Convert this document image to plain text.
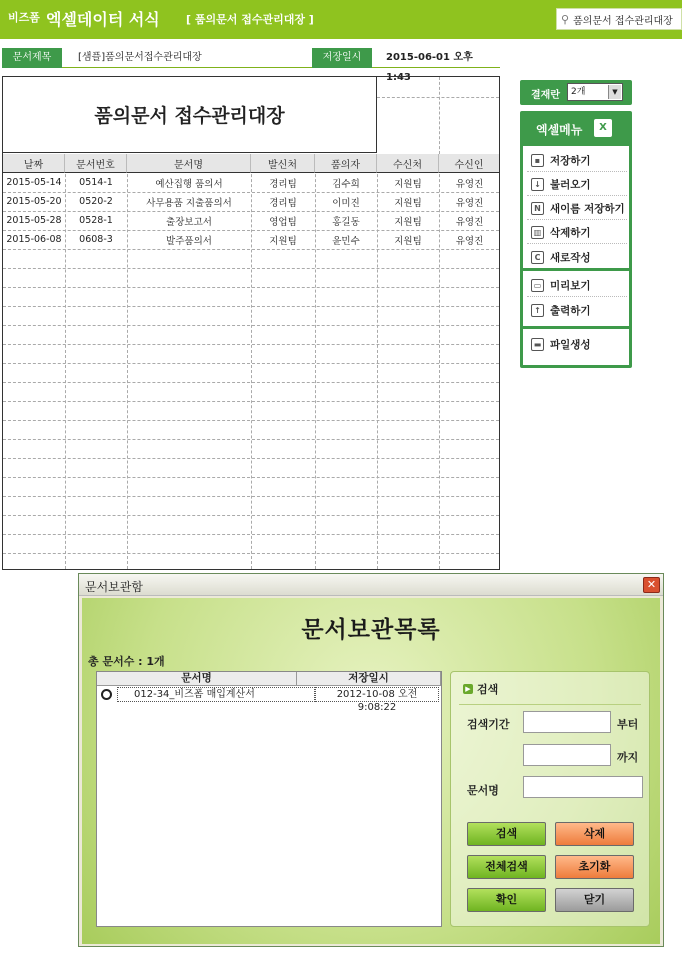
비즈폼 엑셀데이터 서식 [ 품의문서 접수관리대장 ]	⚲ 품의문서 접수관리대장
문서제목	[샘플]품의문서접수관리대장	저장일시	2015-06-01 오후 1:43
품의문서 접수관리대장
날짜	문서번호	문서명	발신처	품의자	수신처	수신인
2015-05-14	0514-1	예산집행 품의서	경리팀	김수희	지원팀	유영진
2015-05-20	0520-2	사무용품 지출품의서	경리팀	이미진	지원팀	유영진
2015-05-28	0528-1	출장보고서	영업팀	홍길동	지원팀	유영진
2015-06-08	0608-3	발주품의서	지원팀	윤민수	지원팀	유영진
결재란	2개	▼
엑셀메뉴	X
▪ 저장하기
↓ 불러오기
N 새이름 저장하기
▥ 삭제하기
C 새로작성
▭ 미리보기
↑ 출력하기
▬ 파일생성
문서보관함	✕
문서보관목록
총 문서수 : 1개
문서명	저장일시
012-34_비즈폼 매입계산서	2012-10-08 오전 9:08:22
▶ 검색
검색기간	부터
까지
문서명
검색	삭제
전체검색	초기화
확인	닫기
